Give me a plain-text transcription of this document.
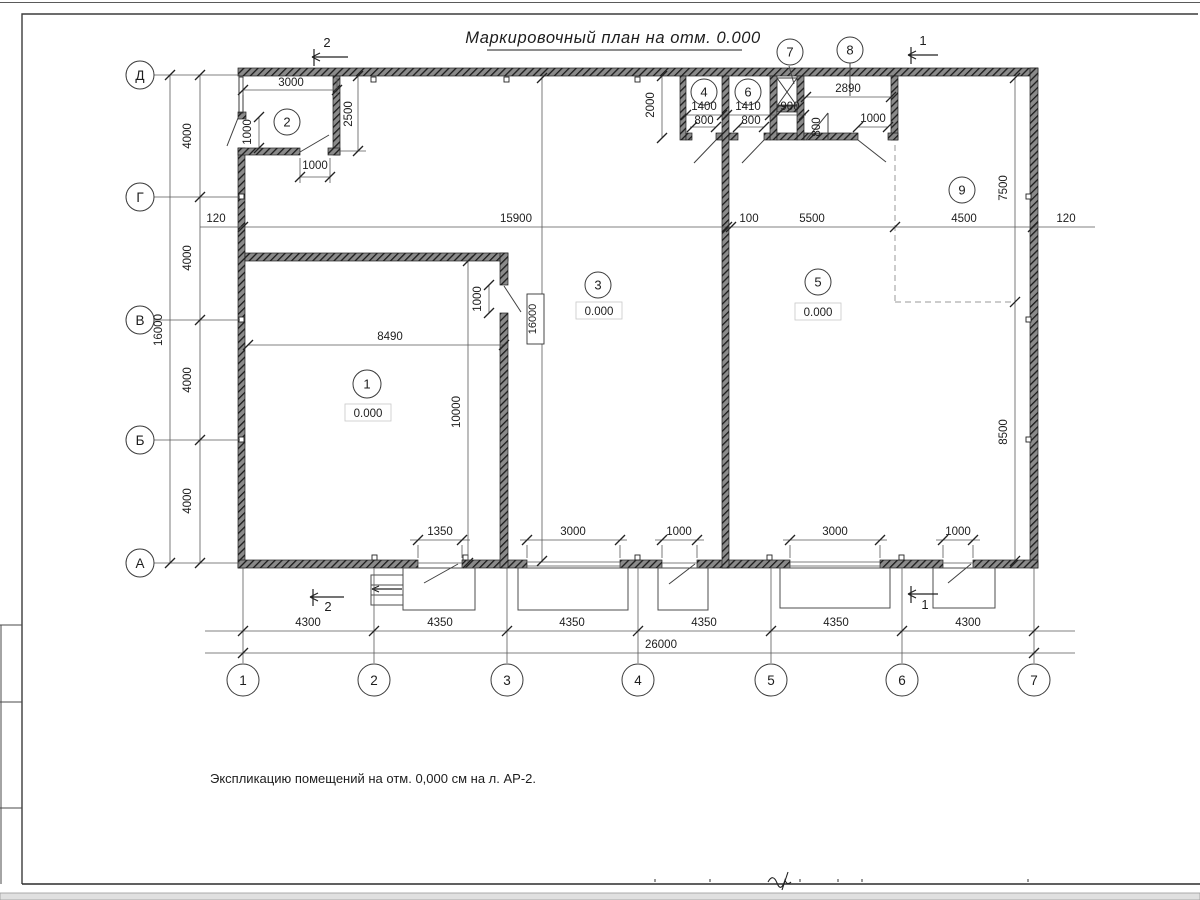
Маркировочный план на отм. 0.000
Экспликацию помещений на отм. 0,000 см на л. АР-2.
3000
2500
1000
1000
4000
4000
16000
4000
4000
120	15900	100	5500	4500	120
2000	1400
800
1410
800
900
2890
1000
800
7500
8500
8490
10000
1000
1350	3000	1000	3000	1000
4300	4350	4350	4350	4350	4300
26000
16000
Д
Г
В
Б
А
1	2	3	4	5	6	7
1
2
3
4
5
6
9
7	8
0.000
0.000	0.000
2	1
2	1
